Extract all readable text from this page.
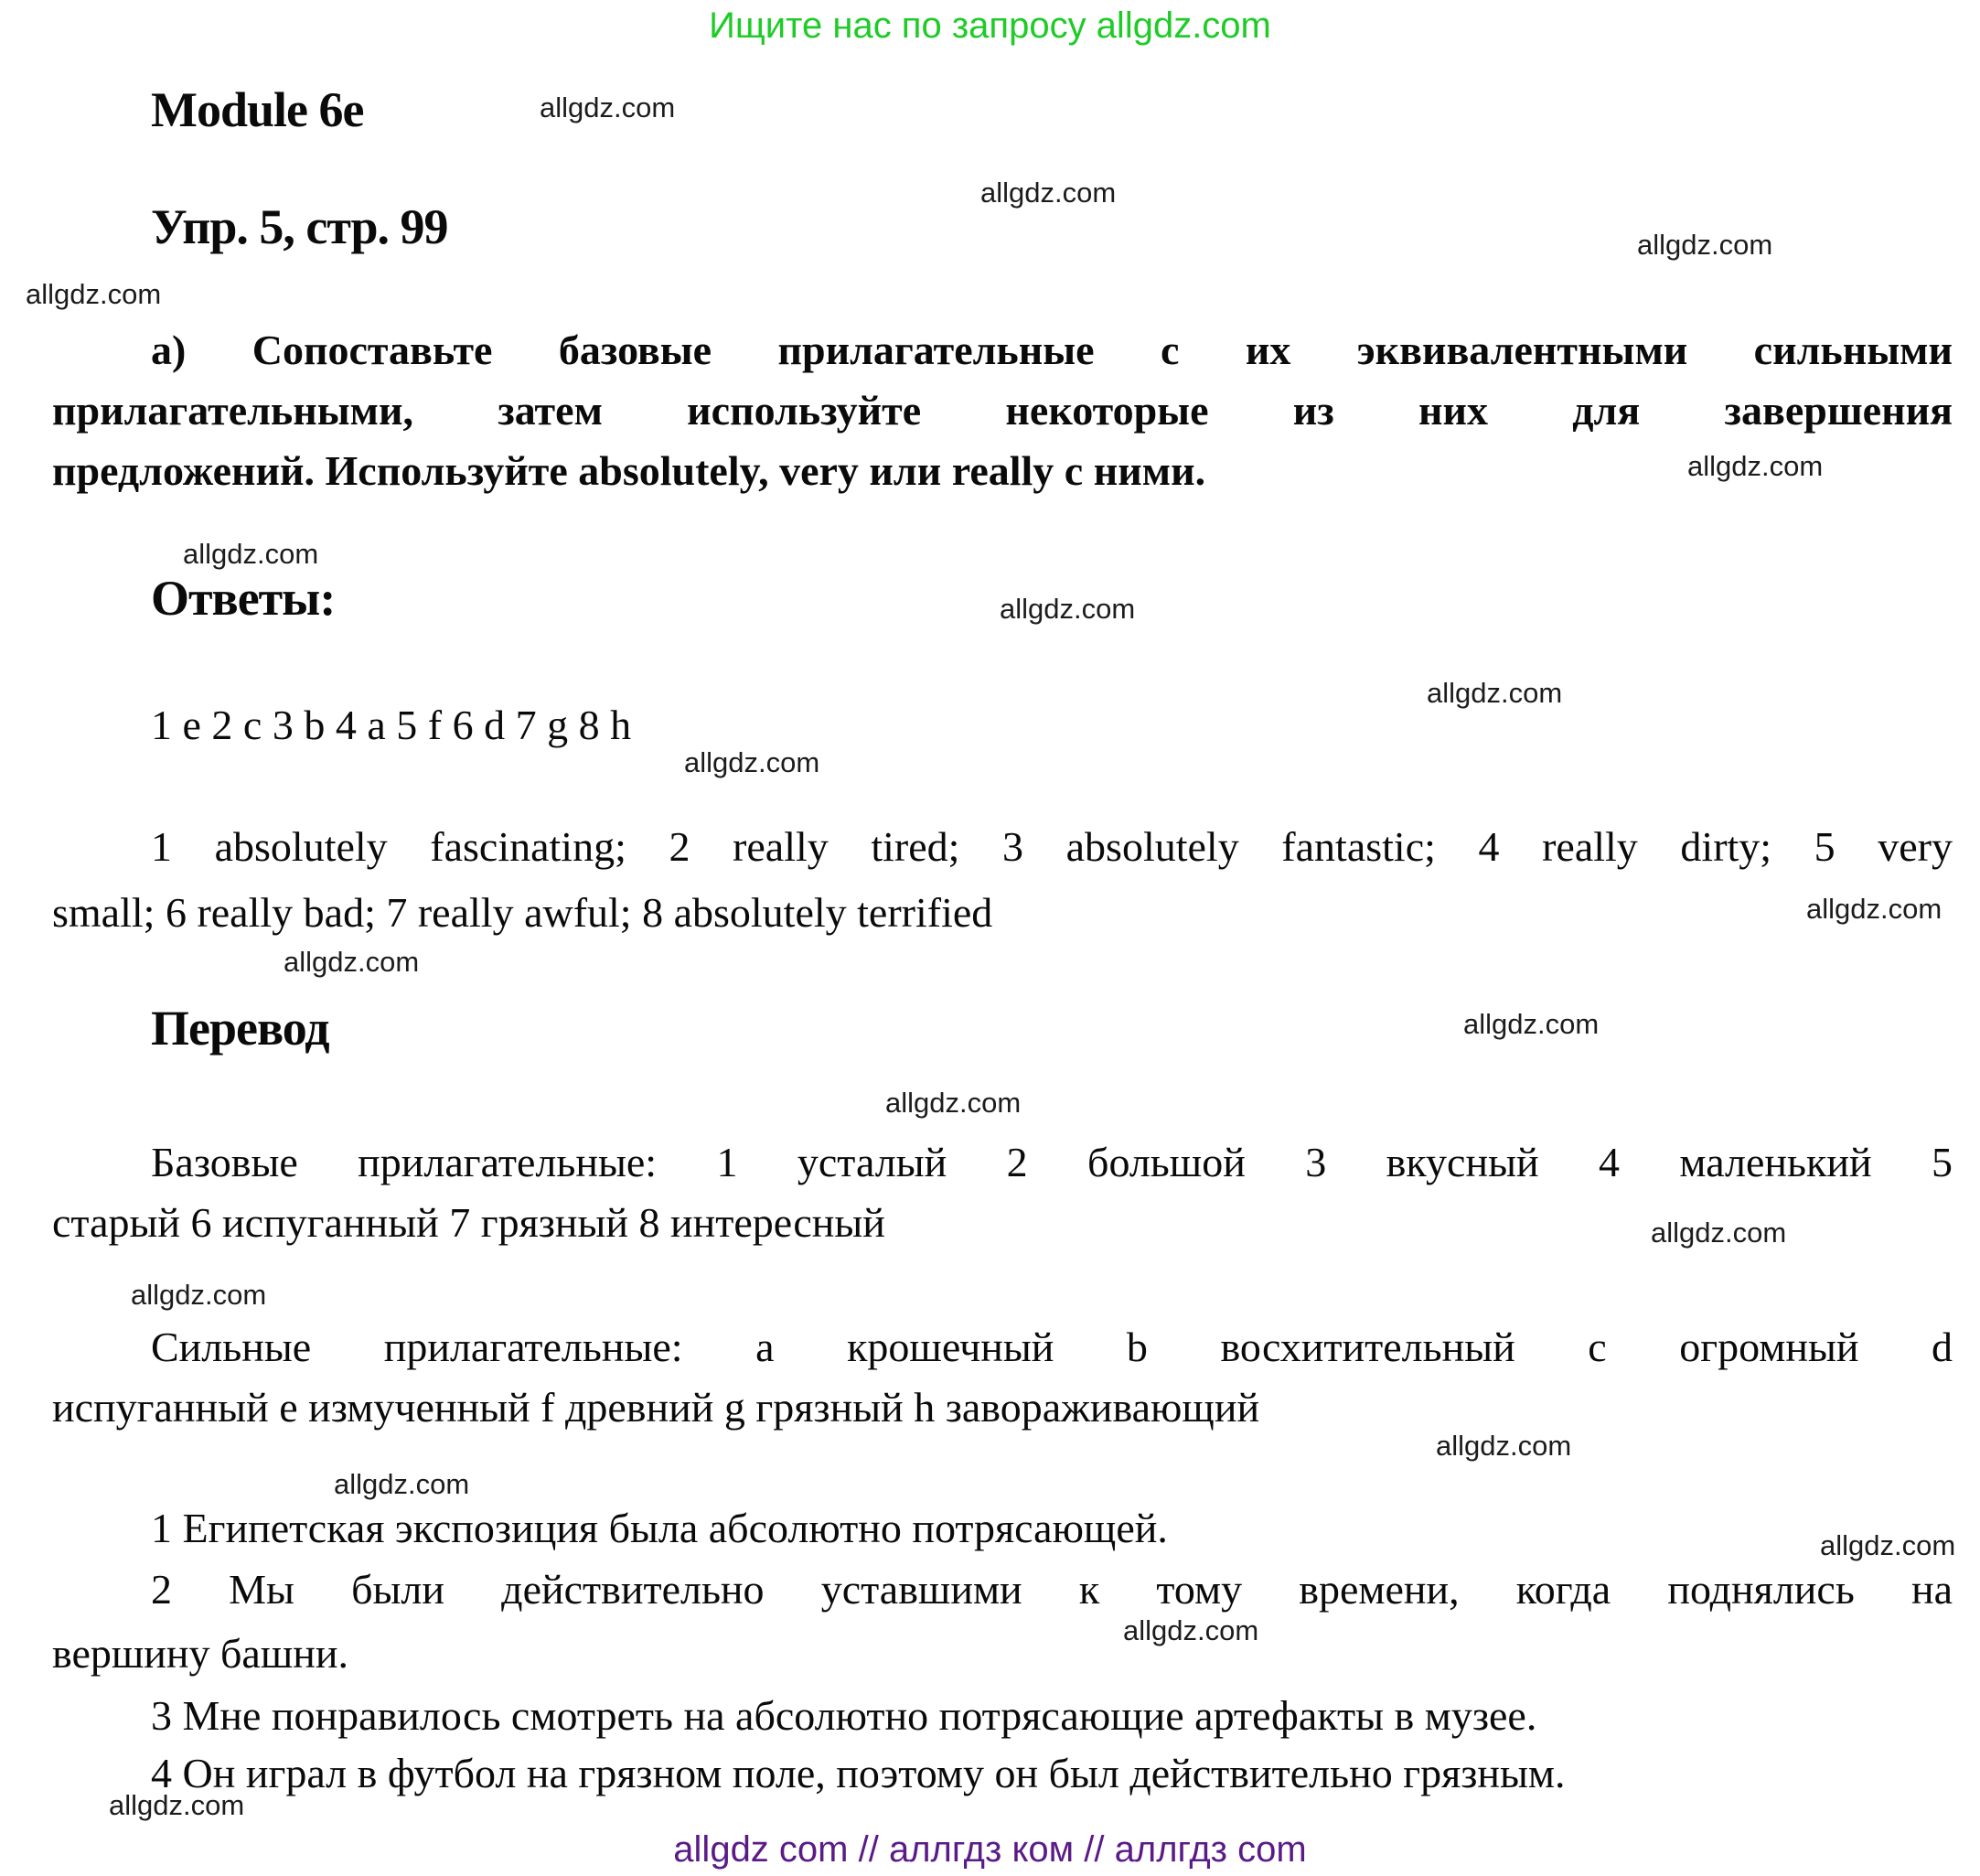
Ищите нас по запросу allgdz.com
Module 6e
Упр. 5, стр. 99
а) Сопоставьте базовые прилагательные с их эквивалентными сильными
прилагательными, затем используйте некоторые из них для завершения
предложений. Используйте absolutely, very или really с ними.
Ответы:
1 e 2 c 3 b 4 a 5 f 6 d 7 g 8 h
1 absolutely fascinating; 2 really tired; 3 absolutely fantastic; 4 really dirty; 5 very
small; 6 really bad; 7 really awful; 8 absolutely terrified
Перевод
Базовые прилагательные: 1 усталый 2 большой 3 вкусный 4 маленький 5
старый 6 испуганный 7 грязный 8 интересный
Сильные прилагательные: a крошечный b восхитительный c огромный d
испуганный e измученный f древний g грязный h завораживающий
1 Египетская экспозиция была абсолютно потрясающей.
2 Мы были действительно уставшими к тому времени, когда поднялись на
вершину башни.
3 Мне понравилось смотреть на абсолютно потрясающие артефакты в музее.
4 Он играл в футбол на грязном поле, поэтому он был действительно грязным.
allgdz com // аллгдз ком // аллгдз com
allgdz.com
allgdz.com
allgdz.com
allgdz.com
allgdz.com
allgdz.com
allgdz.com
allgdz.com
allgdz.com
allgdz.com
allgdz.com
allgdz.com
allgdz.com
allgdz.com
allgdz.com
allgdz.com
allgdz.com
allgdz.com
allgdz.com
allgdz.com
